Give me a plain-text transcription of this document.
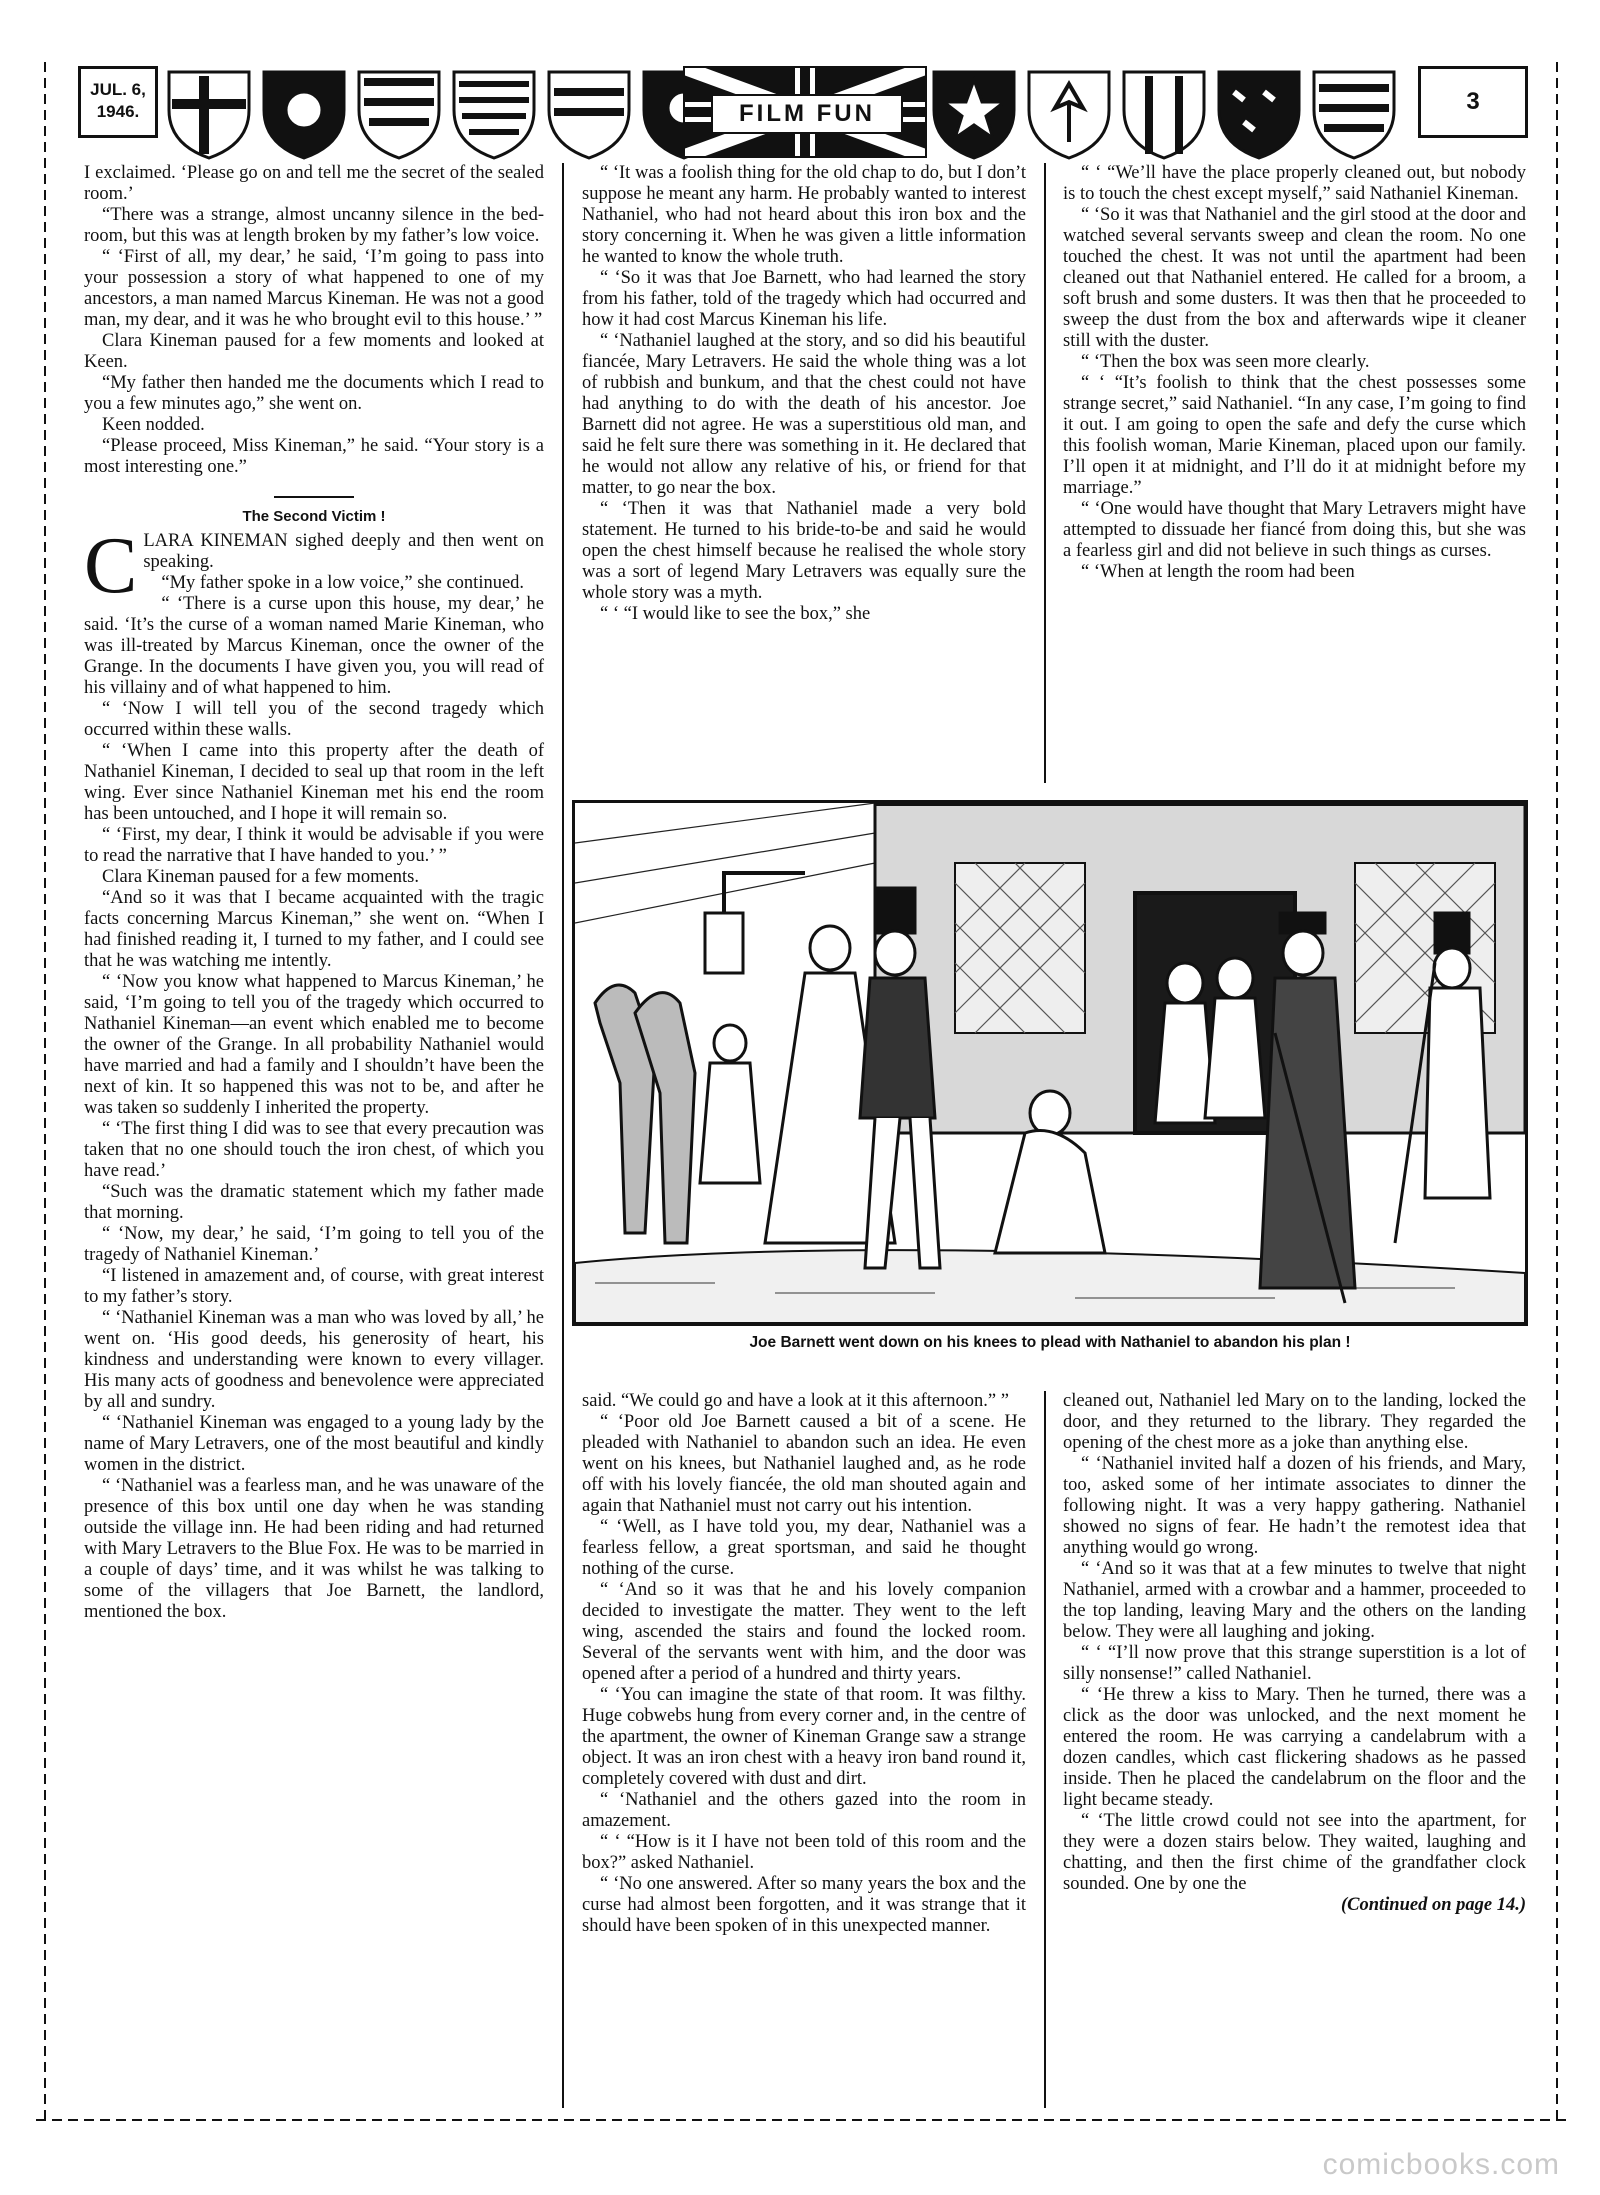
JUL. 6,
1946.	FILM FUN	3

I exclaimed. ‘Please go on and tell me the secret of the sealed room.’

“There was a strange, almost uncanny silence in the bed-room, but this was at length broken by my father’s low voice.

“ ‘First of all, my dear,’ he said, ‘I’m going to pass into your possession a story of what happened to one of my ancestors, a man named Marcus Kineman. He was not a good man, my dear, and it was he who brought evil to this house.’ ”

Clara Kineman paused for a few moments and looked at Keen.

“My father then handed me the documents which I read to you a few minutes ago,” she went on.

Keen nodded.

“Please proceed, Miss Kineman,” he said. “Your story is a most interesting one.”

The Second Victim !

CLARA KINEMAN sighed deeply and then went on speaking.

“My father spoke in a low voice,” she continued.

“ ‘There is a curse upon this house, my dear,’ he said. ‘It’s the curse of a woman named Marie Kineman, who was ill-treated by Marcus Kineman, once the owner of the Grange. In the documents I have given you, you will read of his villainy and of what happened to him.

“ ‘Now I will tell you of the second tragedy which occurred within these walls.

“ ‘When I came into this property after the death of Nathaniel Kineman, I decided to seal up that room in the left wing. Ever since Nathaniel Kineman met his end the room has been untouched, and I hope it will remain so.

“ ‘First, my dear, I think it would be advisable if you were to read the narrative that I have handed to you.’ ”

Clara Kineman paused for a few moments.

“And so it was that I became acquainted with the tragic facts concerning Marcus Kineman,” she went on. “When I had finished reading it, I turned to my father, and I could see that he was watching me intently.

“ ‘Now you know what happened to Marcus Kineman,’ he said, ‘I’m going to tell you of the tragedy which occurred to Nathaniel Kineman—an event which enabled me to become the owner of the Grange. In all probability Nathaniel would have married and had a family and I shouldn’t have been the next of kin. It so happened this was not to be, and after he was taken so suddenly I inherited the property.

“ ‘The first thing I did was to see that every precaution was taken that no one should touch the iron chest, of which you have read.’

“Such was the dramatic statement which my father made that morning.

“ ‘Now, my dear,’ he said, ‘I’m going to tell you of the tragedy of Nathaniel Kineman.’

“I listened in amazement and, of course, with great interest to my father’s story.

“ ‘Nathaniel Kineman was a man who was loved by all,’ he went on. ‘His good deeds, his generosity of heart, his kindness and understanding were known to every villager. His many acts of goodness and benevolence were appreciated by all and sundry.

“ ‘Nathaniel Kineman was engaged to a young lady by the name of Mary Letravers, one of the most beautiful and kindly women in the district.

“ ‘Nathaniel was a fearless man, and he was unaware of the presence of this box until one day when he was standing outside the village inn. He had been riding and had returned with Mary Letravers to the Blue Fox. He was to be married in a couple of days’ time, and it was whilst he was talking to some of the villagers that Joe Barnett, the landlord, mentioned the box.

“ ‘It was a foolish thing for the old chap to do, but I don’t suppose he meant any harm. He probably wanted to interest Nathaniel, who had not heard about this iron box and the story concerning it. When he was given a little information he wanted to know the whole truth.

“ ‘So it was that Joe Barnett, who had learned the story from his father, told of the tragedy which had occurred and how it had cost Marcus Kineman his life.

“ ‘Nathaniel laughed at the story, and so did his beautiful fiancée, Mary Letravers. He said the whole thing was a lot of rubbish and bunkum, and that the chest could not have had anything to do with the death of his ancestor. Joe Barnett did not agree. He was a superstitious old man, and said he felt sure there was something in it. He declared that he would not allow any relative of his, or friend for that matter, to go near the box.

“ ‘Then it was that Nathaniel made a very bold statement. He turned to his bride-to-be and said he would open the chest himself because he realised the whole story was a sort of legend Mary Letravers was equally sure the whole story was a myth.

“ ‘ “I would like to see the box,” she

“ ‘ “We’ll have the place properly cleaned out, but nobody is to touch the chest except myself,” said Nathaniel Kineman.

“ ‘So it was that Nathaniel and the girl stood at the door and watched several servants sweep and clean the room. No one touched the chest. It was not until the apartment had been cleaned out that Nathaniel entered. He called for a broom, a soft brush and some dusters. It was then that he proceeded to sweep the dust from the box and afterwards wipe it cleaner still with the duster.

“ ‘Then the box was seen more clearly.

“ ‘ “It’s foolish to think that the chest possesses some strange secret,” said Nathaniel. “In any case, I’m going to find it out. I am going to open the safe and defy the curse which this foolish woman, Marie Kineman, placed upon our family. I’ll open it at midnight, and I’ll do it at midnight before my marriage.”

“ ‘One would have thought that Mary Letravers might have attempted to dissuade her fiancé from doing this, but she was a fearless girl and did not believe in such things as curses.

“ ‘When at length the room had been

Joe Barnett went down on his knees to plead with Nathaniel to abandon his plan !

said. “We could go and have a look at it this afternoon.” ”

“ ‘Poor old Joe Barnett caused a bit of a scene. He pleaded with Nathaniel to abandon such an idea. He even went on his knees, but Nathaniel laughed and, as he rode off with his lovely fiancée, the old man shouted again and again that Nathaniel must not carry out his intention.

“ ‘Well, as I have told you, my dear, Nathaniel was a fearless fellow, a great sportsman, and said he thought nothing of the curse.

“ ‘And so it was that he and his lovely companion decided to investigate the matter. They went to the left wing, ascended the stairs and found the locked room. Several of the servants went with him, and the door was opened after a period of a hundred and thirty years.

“ ‘You can imagine the state of that room. It was filthy. Huge cobwebs hung from every corner and, in the centre of the apartment, the owner of Kineman Grange saw a strange object. It was an iron chest with a heavy iron band round it, completely covered with dust and dirt.

“ ‘Nathaniel and the others gazed into the room in amazement.

“ ‘ “How is it I have not been told of this room and the box?” asked Nathaniel.

“ ‘No one answered. After so many years the box and the curse had almost been forgotten, and it was strange that it should have been spoken of in this unexpected manner.

cleaned out, Nathaniel led Mary on to the landing, locked the door, and they returned to the library. They regarded the opening of the chest more as a joke than anything else.

“ ‘Nathaniel invited half a dozen of his friends, and Mary, too, asked some of her intimate associates to dinner the following night. It was a very happy gathering. Nathaniel showed no signs of fear. He hadn’t the remotest idea that anything would go wrong.

“ ‘And so it was that at a few minutes to twelve that night Nathaniel, armed with a crowbar and a hammer, proceeded to the top landing, leaving Mary and the others on the landing below. They were all laughing and joking.

“ ‘ “I’ll now prove that this strange superstition is a lot of silly nonsense!” called Nathaniel.

“ ‘He threw a kiss to Mary. Then he turned, there was a click as the door was unlocked, and the next moment he entered the room. He was carrying a candelabrum with a dozen candles, which cast flickering shadows as he passed inside. Then he placed the candelabrum on the floor and the light became steady.

“ ‘The little crowd could not see into the apartment, for they were a dozen stairs below. They waited, laughing and chatting, and then the first chime of the grandfather clock sounded. One by one the

(Continued on page 14.)

comicbooks.com
